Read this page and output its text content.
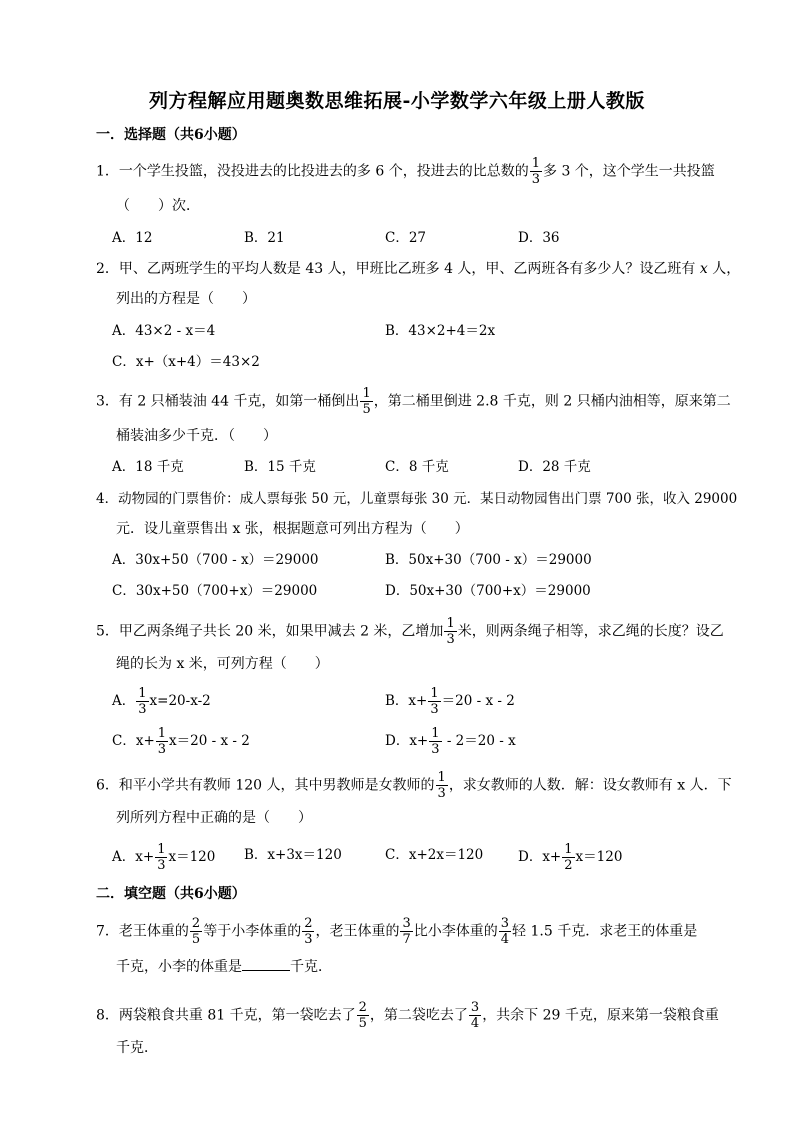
列方程解应用题奥数思维拓展-小学数学六年级上册人教版
一．选择题（共6小题）
1．一个学生投篮，没投进去的比投进去的多 6 个，投进去的比总数的 $\frac{1}{3}$ 多 3 个，这个学生一共投篮
（　　）次．
A．12	B．21	C．27	D．36
2．甲、乙两班学生的平均人数是 43 人，甲班比乙班多 4 人，甲、乙两班各有多少人？设乙班有 x 人，
列出的方程是（　　）
A．43×2 - x＝4	B．43×2+4＝2x
C．x+（x+4）＝43×2
3．有 2 只桶装油 44 千克，如第一桶倒出 $\frac{1}{5}$ ，第二桶里倒进 2.8 千克，则 2 只桶内油相等，原来第二
桶装油多少千克．（　　）
A．18 千克	B．15 千克	C．8 千克	D．28 千克
4．动物园的门票售价：成人票每张 50 元，儿童票每张 30 元．某日动物园售出门票 700 张，收入 29000
元．设儿童票售出 x 张，根据题意可列出方程为（　　）
A．30x+50（700 - x）＝29000	B．50x+30（700 - x）＝29000
C．30x+50（700+x）＝29000	D．50x+30（700+x）＝29000
5．甲乙两条绳子共长 20 米，如果甲减去 2 米，乙增加 $\frac{1}{3}$ 米，则两条绳子相等，求乙绳的长度？设乙
绳的长为 x 米，可列方程（　　）
A． $\frac{1}{3} x=20-x-2$	B．$x+ \frac{1}{3} =20 - x - 2$
C．$x+ \frac{1}{3} x=20 - x - 2$	D．$x+ \frac{1}{3} - 2=20 - x$
6．和平小学共有教师 120 人，其中男教师是女教师的 $\frac{1}{3}$ ，求女教师的人数．解：设女教师有 x 人．下
列所列方程中正确的是（　　）
A．$x+ \frac{1}{3} x=120$ B．x+3x＝120	C．x+2x＝120	D．$x+ \frac{1}{2} x=120$
二．填空题（共6小题）
7．老王体重的 $\frac{2}{5}$ 等于小李体重的 $\frac{2}{3}$ ，老王体重的 $\frac{3}{7}$ 比小李体重的 $\frac{3}{4}$ 轻 1.5 千克．求老王的体重是
千克，小李的体重是	千克．
8．两袋粮食共重 81 千克，第一袋吃去了 $\frac{2}{5}$ ，第二袋吃去了 $\frac{3}{4}$ ，共余下 29 千克，原来第一袋粮食重
千克．
